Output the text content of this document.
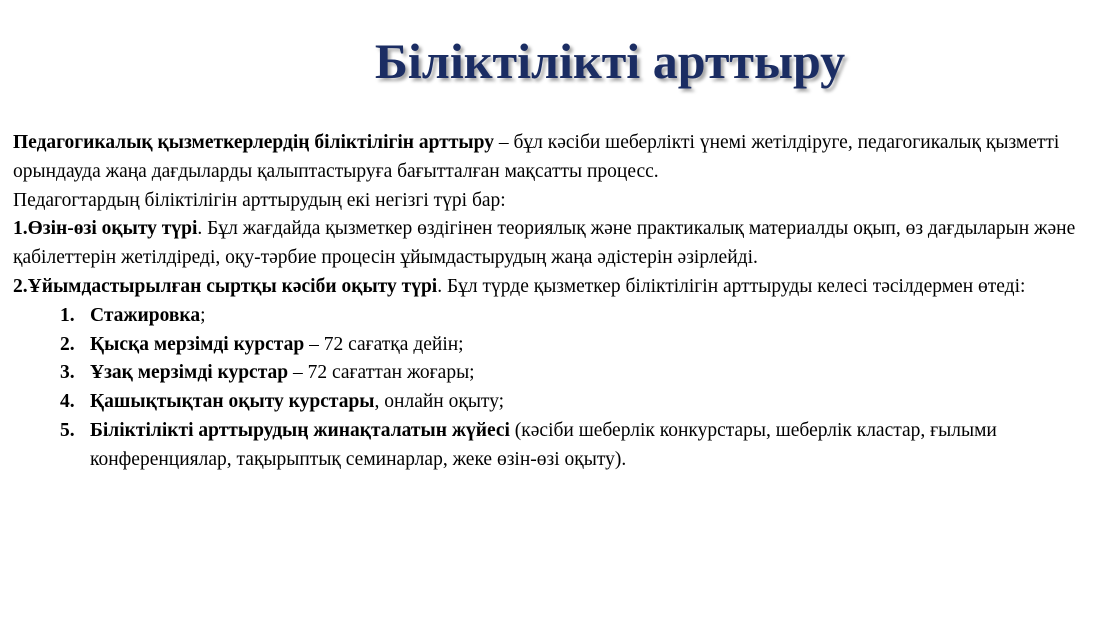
Біліктілікті арттыру

Педагогикалық қызметкерлердің біліктілігін арттыру – бұл кәсіби шеберлікті үнемі жетілдіруге, педагогикалық қызметті орындауда жаңа дағдыларды қалыптастыруға бағытталған мақсатты процесс.

Педагогтардың біліктілігін арттырудың екі негізгі түрі бар:

1.Өзін-өзі оқыту түрі. Бұл жағдайда қызметкер өздігінен теориялық және практикалық материалды оқып, өз дағдыларын және қабілеттерін жетілдіреді, оқу-тәрбие процесін ұйымдастырудың жаңа әдістерін әзірлейді.

2.Ұйымдастырылған сыртқы кәсіби оқыту түрі. Бұл түрде қызметкер біліктілігін арттыруды келесі тәсілдермен өтеді:

1. Стажировка;
2. Қысқа мерзімді курстар – 72 сағатқа дейін;
3. Ұзақ мерзімді курстар – 72 сағаттан жоғары;
4. Қашықтықтан оқыту курстары, онлайн оқыту;
5. Біліктілікті арттырудың жинақталатын жүйесі (кәсіби шеберлік конкурстары, шеберлік кластар, ғылыми конференциялар, тақырыптық семинарлар, жеке өзін-өзі оқыту).
